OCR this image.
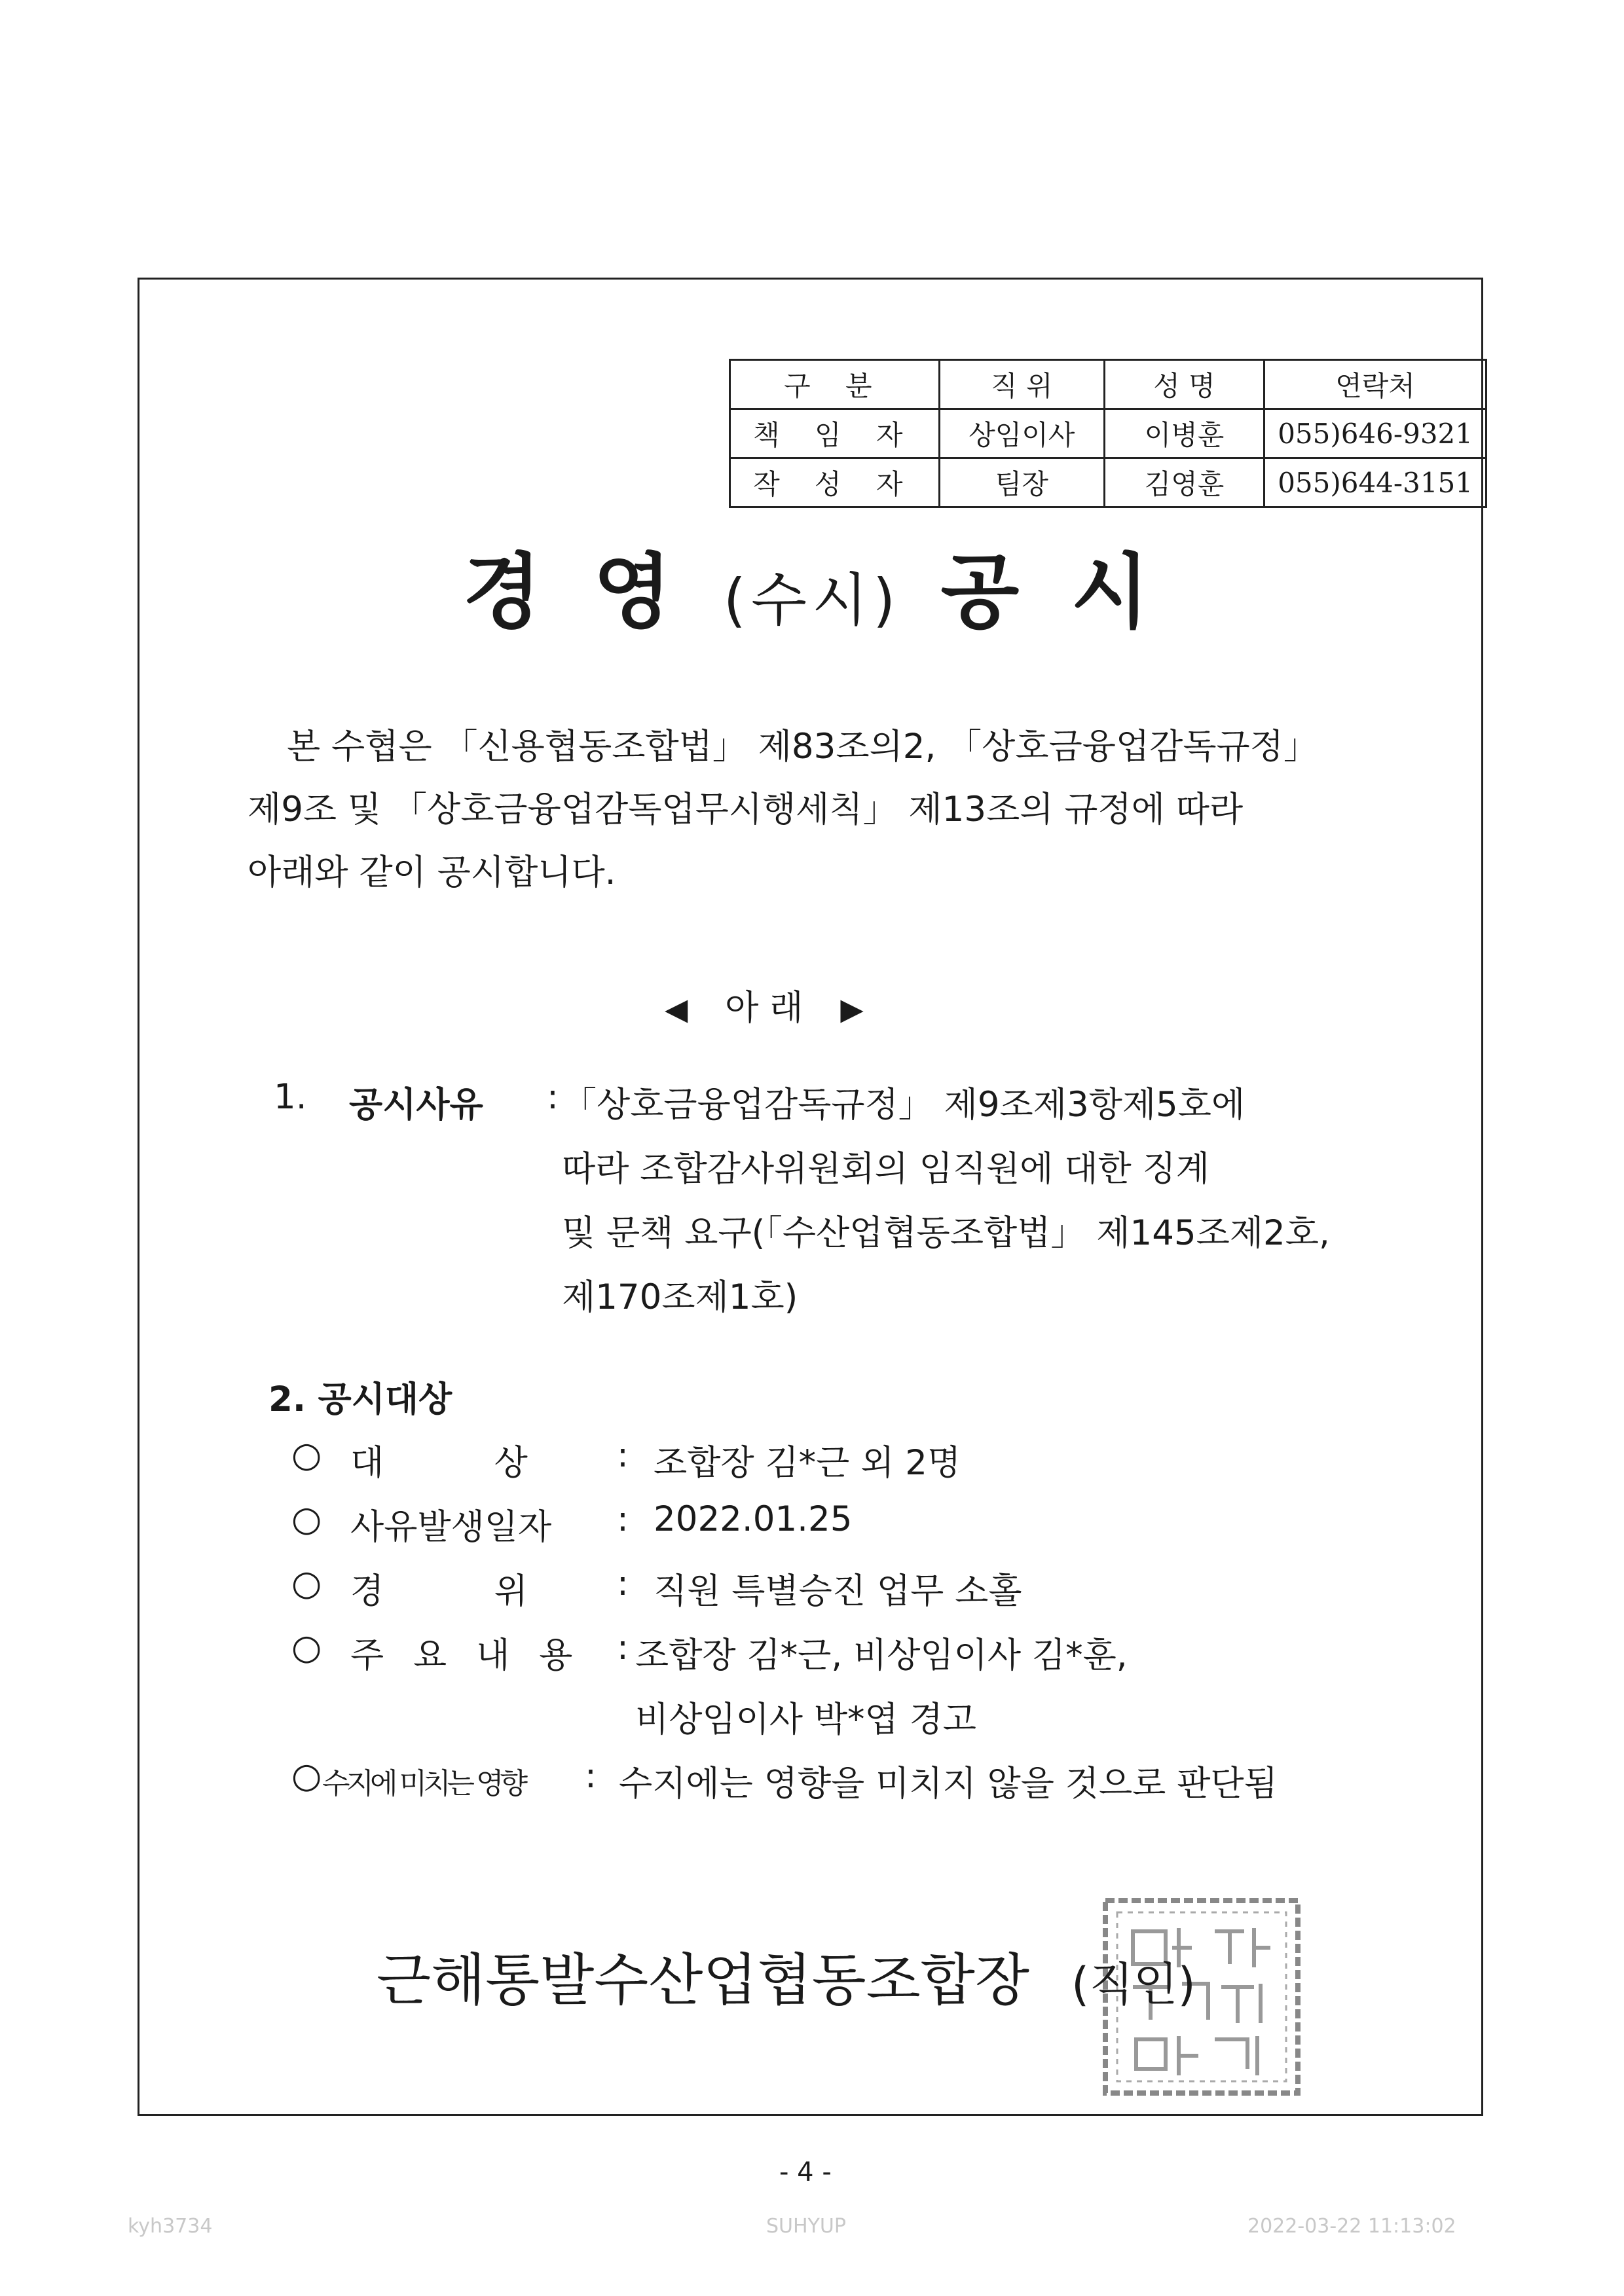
구 분	직 위	성 명	연락처
책 임 자	상임이사	이병훈	055)646-9321
작 성 자	팀장	김영훈	055)644-3151
경 영 (수시) 공 시
본 수협은 「신용협동조합법」 제83조의2, 「상호금융업감독규정」
제9조 및 「상호금융업감독업무시행세칙」 제13조의 규정에 따라
아래와 같이 공시합니다.
◀ 아 래 ▶
1. 공시사유 : 「상호금융업감독규정」 제9조제3항제5호에
따라 조합감사위원회의 임직원에 대한 징계
및 문책 요구(「수산업협동조합법」 제145조제2호,
제170조제1호)
2. 공시대상
○ 대          상	: 조합장 김*근 외 2명
○ 사유발생일자 : 2022.01.25
○ 경          위	: 직원 특별승진 업무 소홀
○ 주 요 내 용 : 조합장 김*근, 비상임이사 김*훈,
비상임이사 박*엽 경고
○ 수지에 미치는 영향 : 수지에는 영향을 미치지 않을 것으로 판단됨
근해통발수산업협동조합장 (직인)
- 4 -
kyh3734	SUHYUP	2022-03-22 11:13:02
